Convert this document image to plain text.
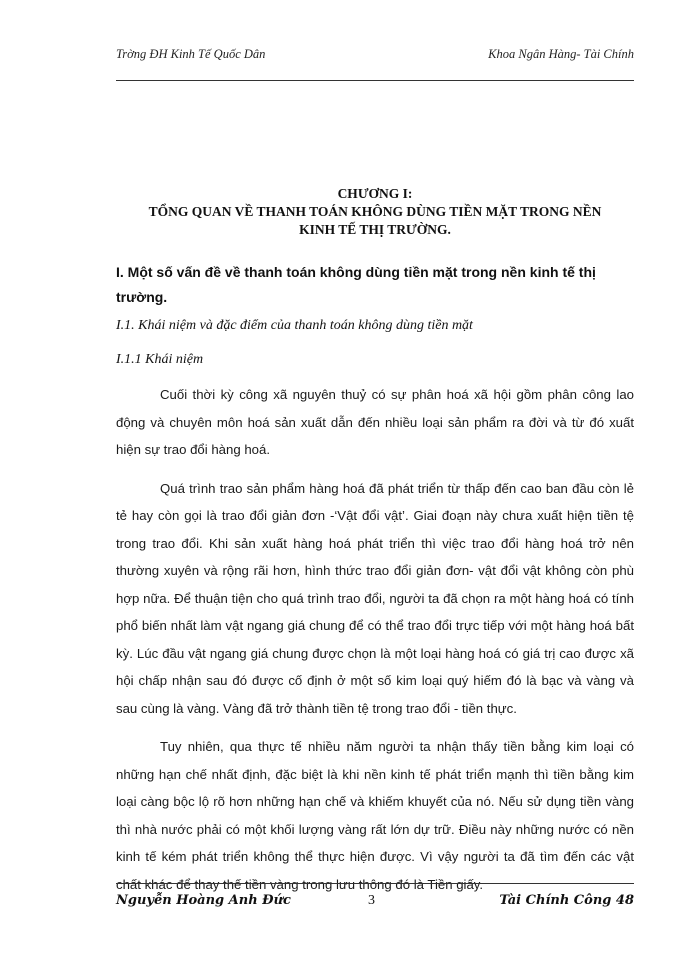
Trờng ĐH Kinh Tế Quốc Dân	Khoa Ngân Hàng- Tài Chính
CHƯƠNG I:
TỔNG QUAN VỀ THANH TOÁN KHÔNG DÙNG TIỀN MẶT TRONG NỀN
KINH TẾ THỊ TRƯỜNG.
I. Một số vấn đề về thanh toán không dùng tiền mặt trong nền kinh tế thị trường.
I.1. Khái niệm và đặc điểm của thanh toán không dùng tiền mặt
I.1.1 Khái niệm

Cuối thời kỳ công xã nguyên thuỷ có sự phân hoá xã hội gồm phân công lao động và chuyên môn hoá sản xuất dẫn đến nhiều loại sản phẩm ra đời và từ đó xuất hiện sự trao đổi hàng hoá.

Quá trình trao sản phẩm hàng hoá đã phát triển từ thấp đến cao ban đầu còn lẻ tẻ hay còn gọi là trao đổi giản đơn -‘Vật đổi vật’. Giai đoạn này chưa xuất hiện tiền tệ trong trao đổi. Khi sản xuất hàng hoá phát triển thì việc trao đổi hàng hoá trở nên thường xuyên và rộng rãi hơn, hình thức trao đổi giản đơn- vật đổi vật không còn phù hợp nữa. Để thuận tiện cho quá trình trao đổi, người ta đã chọn ra một hàng hoá có tính phổ biến nhất làm vật ngang giá chung để có thể trao đổi trực tiếp với một hàng hoá bất kỳ. Lúc đầu vật ngang giá chung được chọn là một loại hàng hoá có giá trị cao được xã hội chấp nhận sau đó được cố định ở một số kim loại quý hiếm đó là bạc và vàng và sau cùng là vàng. Vàng đã trở thành tiền tệ trong trao đổi - tiền thực.

Tuy nhiên, qua thực tế nhiều năm người ta nhận thấy tiền bằng kim loại có những hạn chế nhất định, đặc biệt là khi nền kinh tế phát triển mạnh thì tiền bằng kim loại càng bộc lộ rõ hơn những hạn chế và khiếm khuyết của nó. Nếu sử dụng tiền vàng thì nhà nước phải có một khối lượng vàng rất lớn dự trữ. Điều này những nước có nền kinh tế kém phát triển không thể thực hiện được. Vì vậy người ta đã tìm đến các vật chất khác để thay thế tiền vàng trong lưu thông đó là Tiền giấy.

Nguyễn Hoàng Anh Đức	3	Tài Chính Công 48
